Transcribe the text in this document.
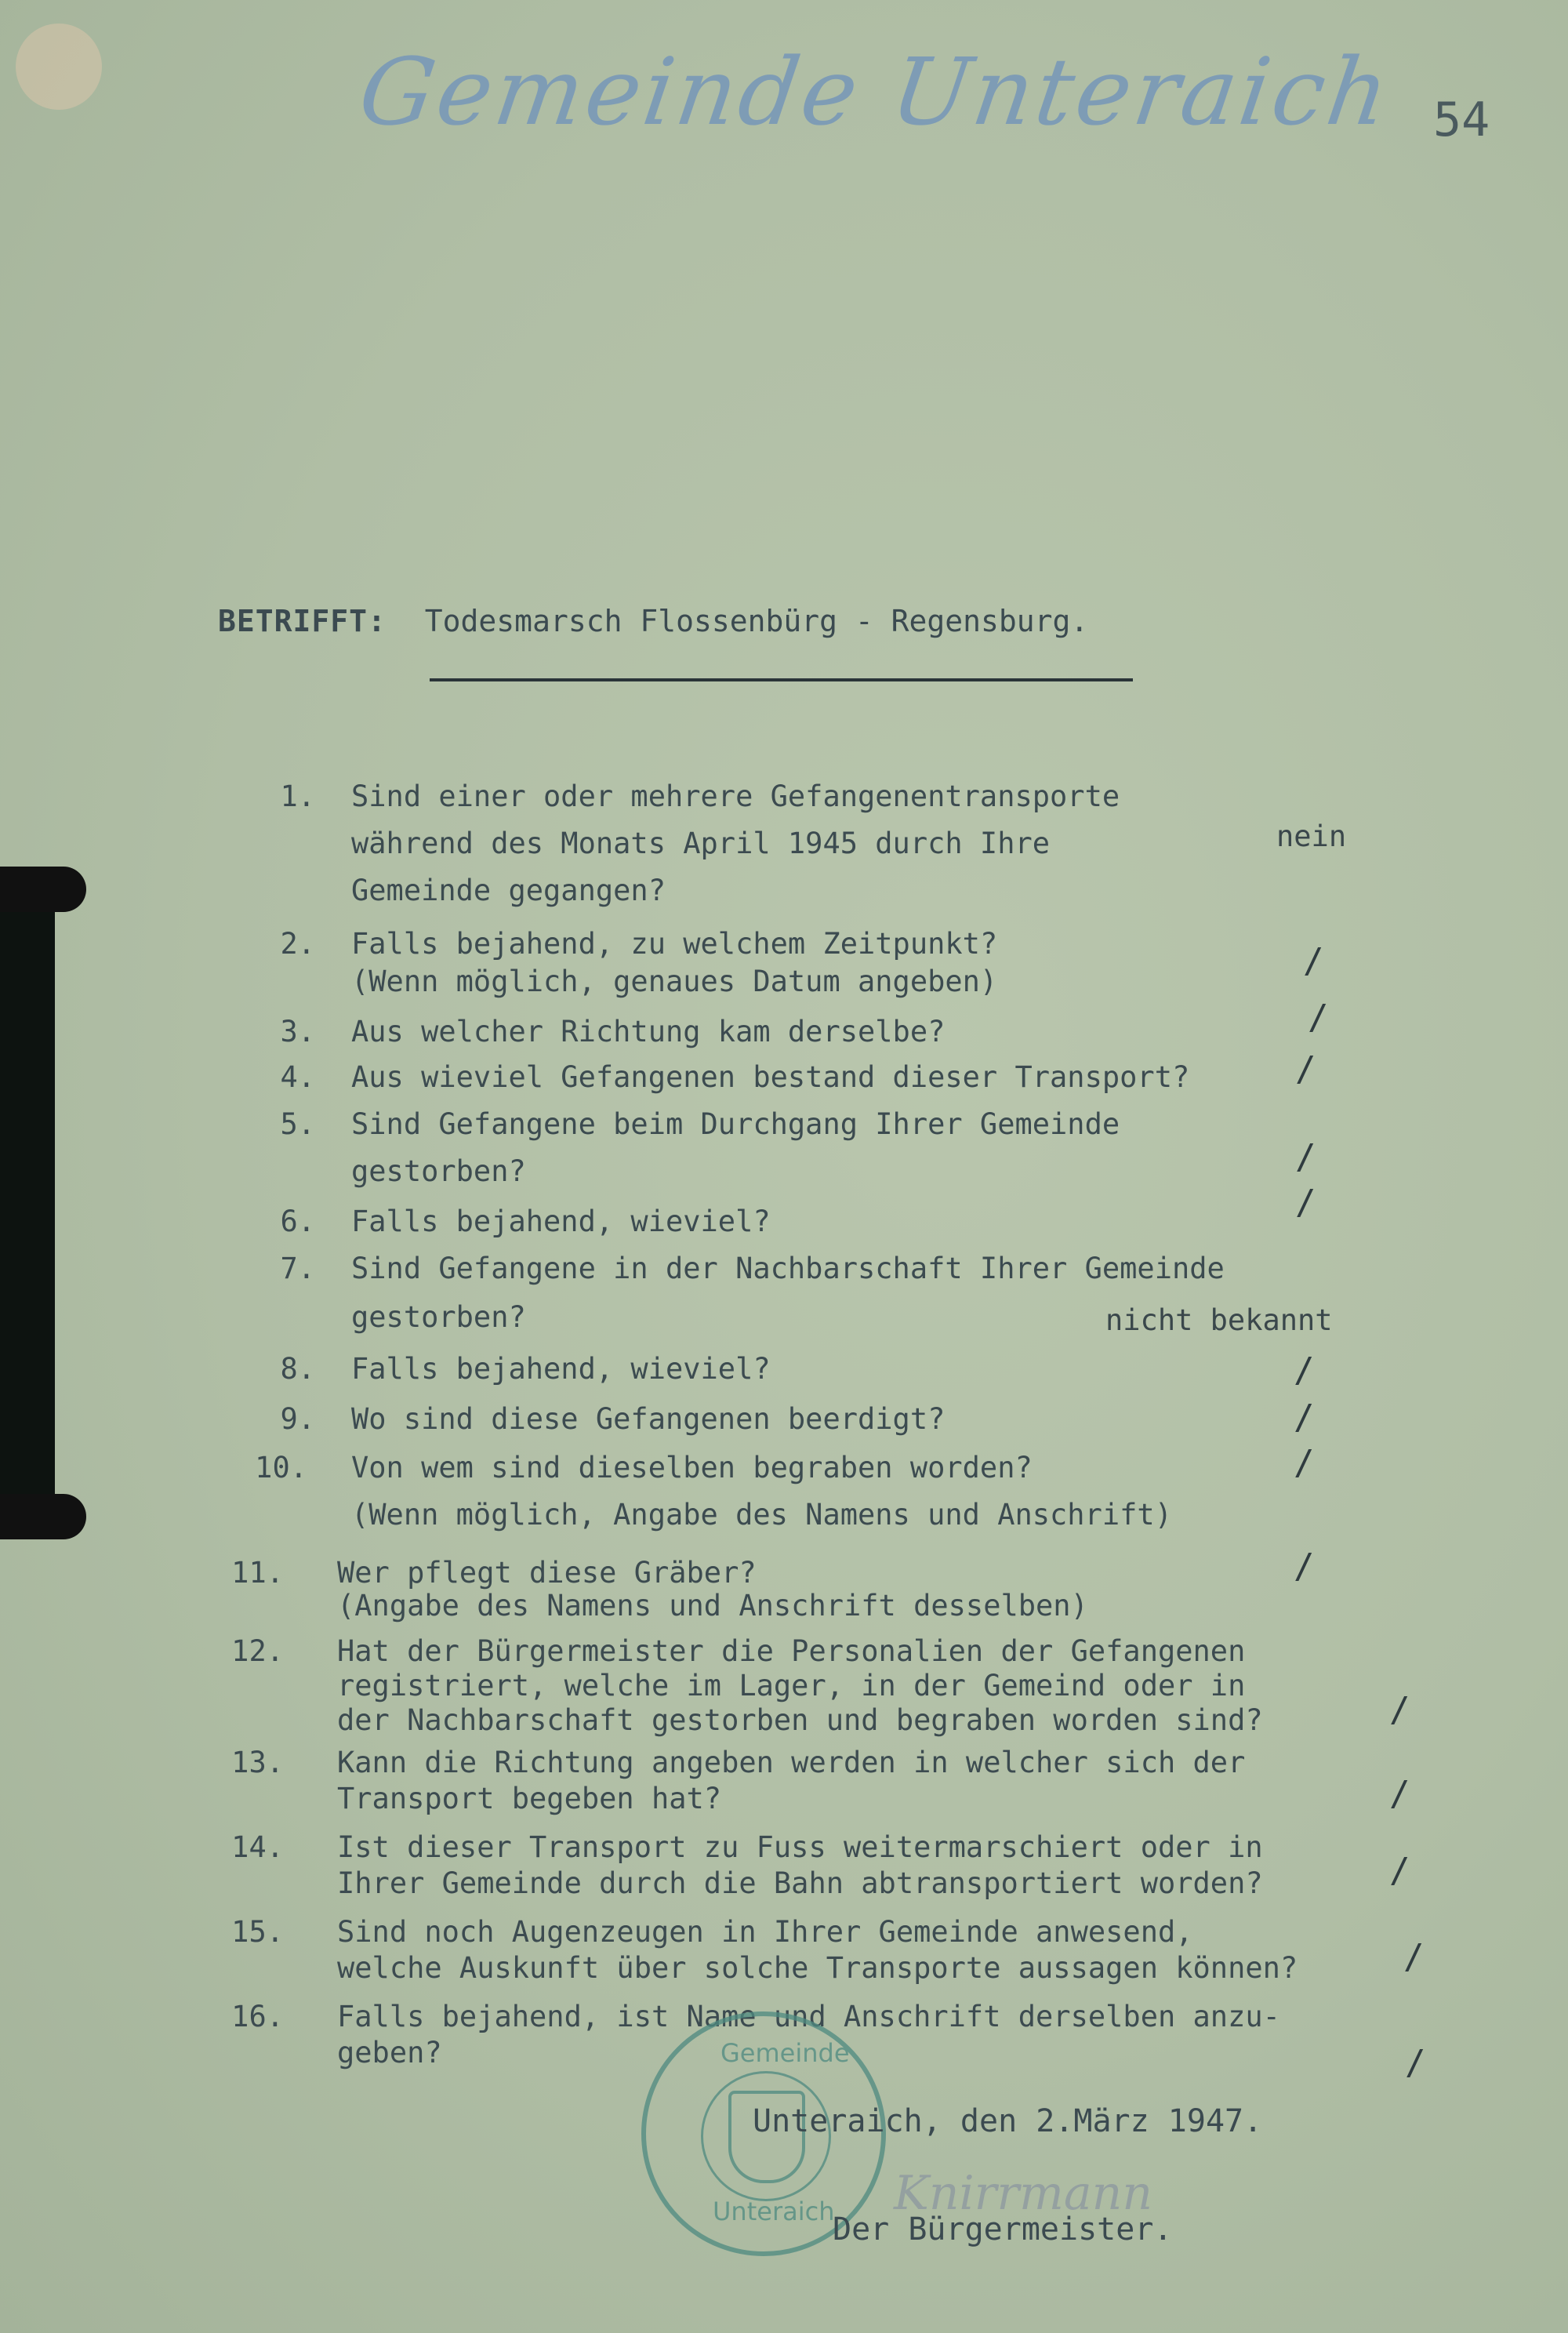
Gemeinde Unteraich 54
BETRIFFT: Todesmarsch Flossenbürg - Regensburg.
1. Sind einer oder mehrere Gefangenentransporte
während des Monats April 1945 durch Ihre
Gemeinde gegangen?
nein
2. Falls bejahend, zu welchem Zeitpunkt?
(Wenn möglich, genaues Datum angeben)
/
3. Aus welcher Richtung kam derselbe?	/
4. Aus wieviel Gefangenen bestand dieser Transport?	/
5. Sind Gefangene beim Durchgang Ihrer Gemeinde
gestorben?	/
6. Falls bejahend, wieviel?	/
7. Sind Gefangene in der Nachbarschaft Ihrer Gemeinde
gestorben?	nicht bekannt
8. Falls bejahend, wieviel?	/
9. Wo sind diese Gefangenen beerdigt?	/
10. Von wem sind dieselben begraben worden?
(Wenn möglich, Angabe des Namens und Anschrift)
/
11. Wer pflegt diese Gräber?
(Angabe des Namens und Anschrift desselben)
/
12. Hat der Bürgermeister die Personalien der Gefangenen
registriert, welche im Lager, in der Gemeind oder in
der Nachbarschaft gestorben und begraben worden sind?	/
13. Kann die Richtung angeben werden in welcher sich der
Transport begeben hat?	/
14. Ist dieser Transport zu Fuss weitermarschiert oder in
Ihrer Gemeinde durch die Bahn abtransportiert worden?	/
15. Sind noch Augenzeugen in Ihrer Gemeinde anwesend,
welche Auskunft über solche Transporte aussagen können?	/
16. Falls bejahend, ist Name und Anschrift derselben anzu-
geben?	/
Gemeinde
Unteraich
Unteraich, den 2.März 1947.
Knirrmann
Der Bürgermeister.
